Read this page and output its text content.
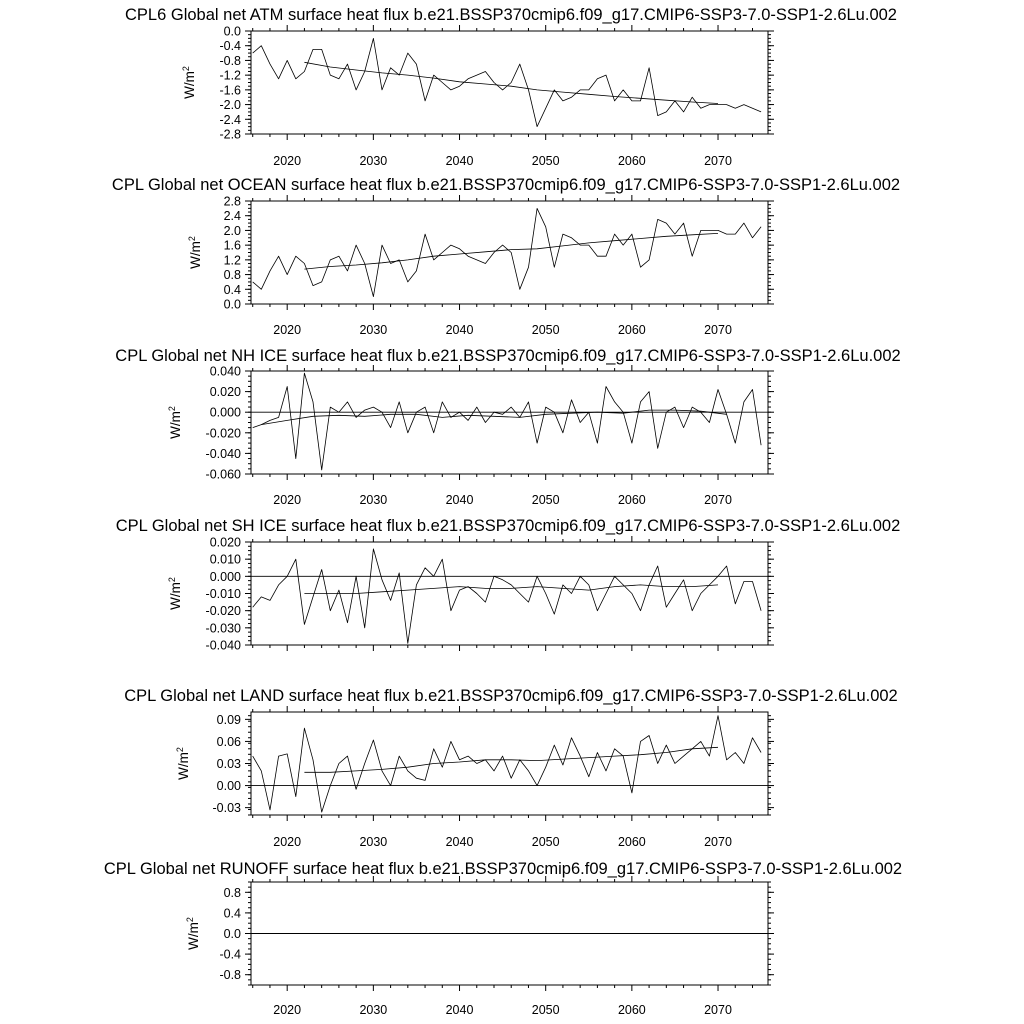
CPL6 Global net ATM surface heat flux b.e21.BSSP370cmip6.f09_g17.CMIP6-SSP3-7.0-SSP1-2.6Lu.002
0.0
-0.4
-0.8
-1.2
-1.6
-2.0
-2.4
-2.8
2020	2030	2040	2050	2060	2070
$W/m^2$
CPL Global net OCEAN surface heat flux b.e21.BSSP370cmip6.f09_g17.CMIP6-SSP3-7.0-SSP1-2.6Lu.002
2.8
2.4
2.0
1.6
1.2
0.8
0.4
0.0
2020	2030	2040	2050	2060	2070
$W/m^2$
CPL Global net NH ICE surface heat flux b.e21.BSSP370cmip6.f09_g17.CMIP6-SSP3-7.0-SSP1-2.6Lu.002
0.040
0.020
0.000
-0.020
-0.040
-0.060
2020	2030	2040	2050	2060	2070
$W/m^2$
CPL Global net SH ICE surface heat flux b.e21.BSSP370cmip6.f09_g17.CMIP6-SSP3-7.0-SSP1-2.6Lu.002
0.020
0.010
0.000
-0.010
-0.020
-0.030
-0.040
$W/m^2$
CPL Global net LAND surface heat flux b.e21.BSSP370cmip6.f09_g17.CMIP6-SSP3-7.0-SSP1-2.6Lu.002
0.09
0.06
0.03
0.00
-0.03
2020	2030	2040	2050	2060	2070
$W/m^2$
CPL Global net RUNOFF surface heat flux b.e21.BSSP370cmip6.f09_g17.CMIP6-SSP3-7.0-SSP1-2.6Lu.002
0.8
0.4
0.0
-0.4
-0.8
2020	2030	2040	2050	2060	2070
$W/m^2$
